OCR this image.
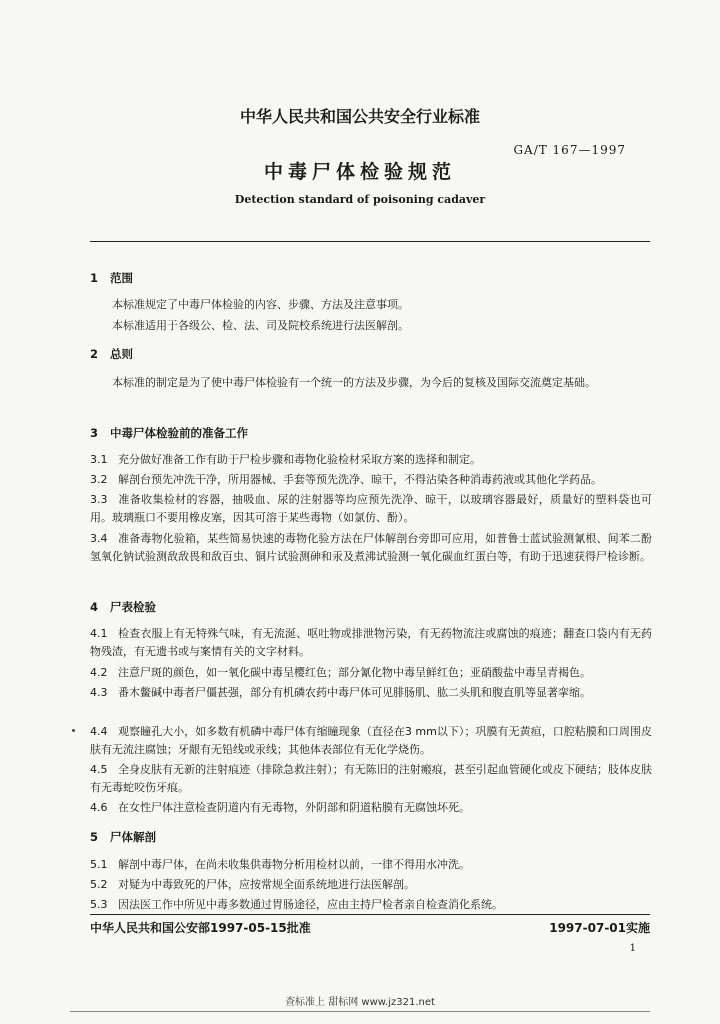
中华人民共和国公共安全行业标准
GA/T 167—1997
中毒尸体检验规范
Detection standard of poisoning cadaver
1 范围
本标准规定了中毒尸体检验的内容、步骤、方法及注意事项。
本标准适用于各级公、检、法、司及院校系统进行法医解剖。
2 总则
本标准的制定是为了使中毒尸体检验有一个统一的方法及步骤，为今后的复核及国际交流奠定基础。
3 中毒尸体检验前的准备工作
3.1 充分做好准备工作有助于尸检步骤和毒物化验检材采取方案的选择和制定。
3.2 解剖台预先冲洗干净，所用器械、手套等预先洗净、晾干，不得沾染各种消毒药液或其他化学药品。
3.3 准备收集检材的容器，抽吸血、尿的注射器等均应预先洗净、晾干，以玻璃容器最好，质量好的塑料袋也可用。玻璃瓶口不要用橡皮塞，因其可溶于某些毒物（如氯仿、酚）。
3.4 准备毒物化验箱，某些简易快速的毒物化验方法在尸体解剖台旁即可应用，如普鲁士蓝试验测氰根、间苯二酚氢氧化钠试验测敌敌畏和敌百虫、铜片试验测砷和汞及煮沸试验测一氧化碳血红蛋白等，有助于迅速获得尸检诊断。
4 尸表检验
4.1 检查衣服上有无特殊气味，有无流涎、呕吐物或排泄物污染，有无药物流注或腐蚀的痕迹；翻查口袋内有无药物残渣，有无遗书或与案情有关的文字材料。
4.2 注意尸斑的颜色，如一氧化碳中毒呈樱红色；部分氰化物中毒呈鲜红色；亚硝酸盐中毒呈青褐色。
4.3 番木鳖碱中毒者尸僵甚强，部分有机磷农药中毒尸体可见腓肠肌、肱二头肌和腹直肌等显著挛缩。
4.4 观察瞳孔大小，如多数有机磷中毒尸体有缩瞳现象（直径在3 mm以下）；巩膜有无黄疸，口腔粘膜和口周围皮肤有无流注腐蚀；牙龈有无铅线或汞线；其他体表部位有无化学烧伤。
4.5 全身皮肤有无新的注射痕迹（排除急救注射）；有无陈旧的注射瘢痕，甚至引起血管硬化或皮下硬结；肢体皮肤有无毒蛇咬伤牙痕。
4.6 在女性尸体注意检查阴道内有无毒物，外阴部和阴道粘膜有无腐蚀坏死。
5 尸体解剖
5.1 解剖中毒尸体，在尚未收集供毒物分析用检材以前，一律不得用水冲洗。
5.2 对疑为中毒致死的尸体，应按常规全面系统地进行法医解剖。
5.3 因法医工作中所见中毒多数通过胃肠途径，应由主持尸检者亲自检查消化系统。
中华人民共和国公安部1997-05-15批准	1997-07-01实施
1
查标准上 甜标网 www.jz321.net
